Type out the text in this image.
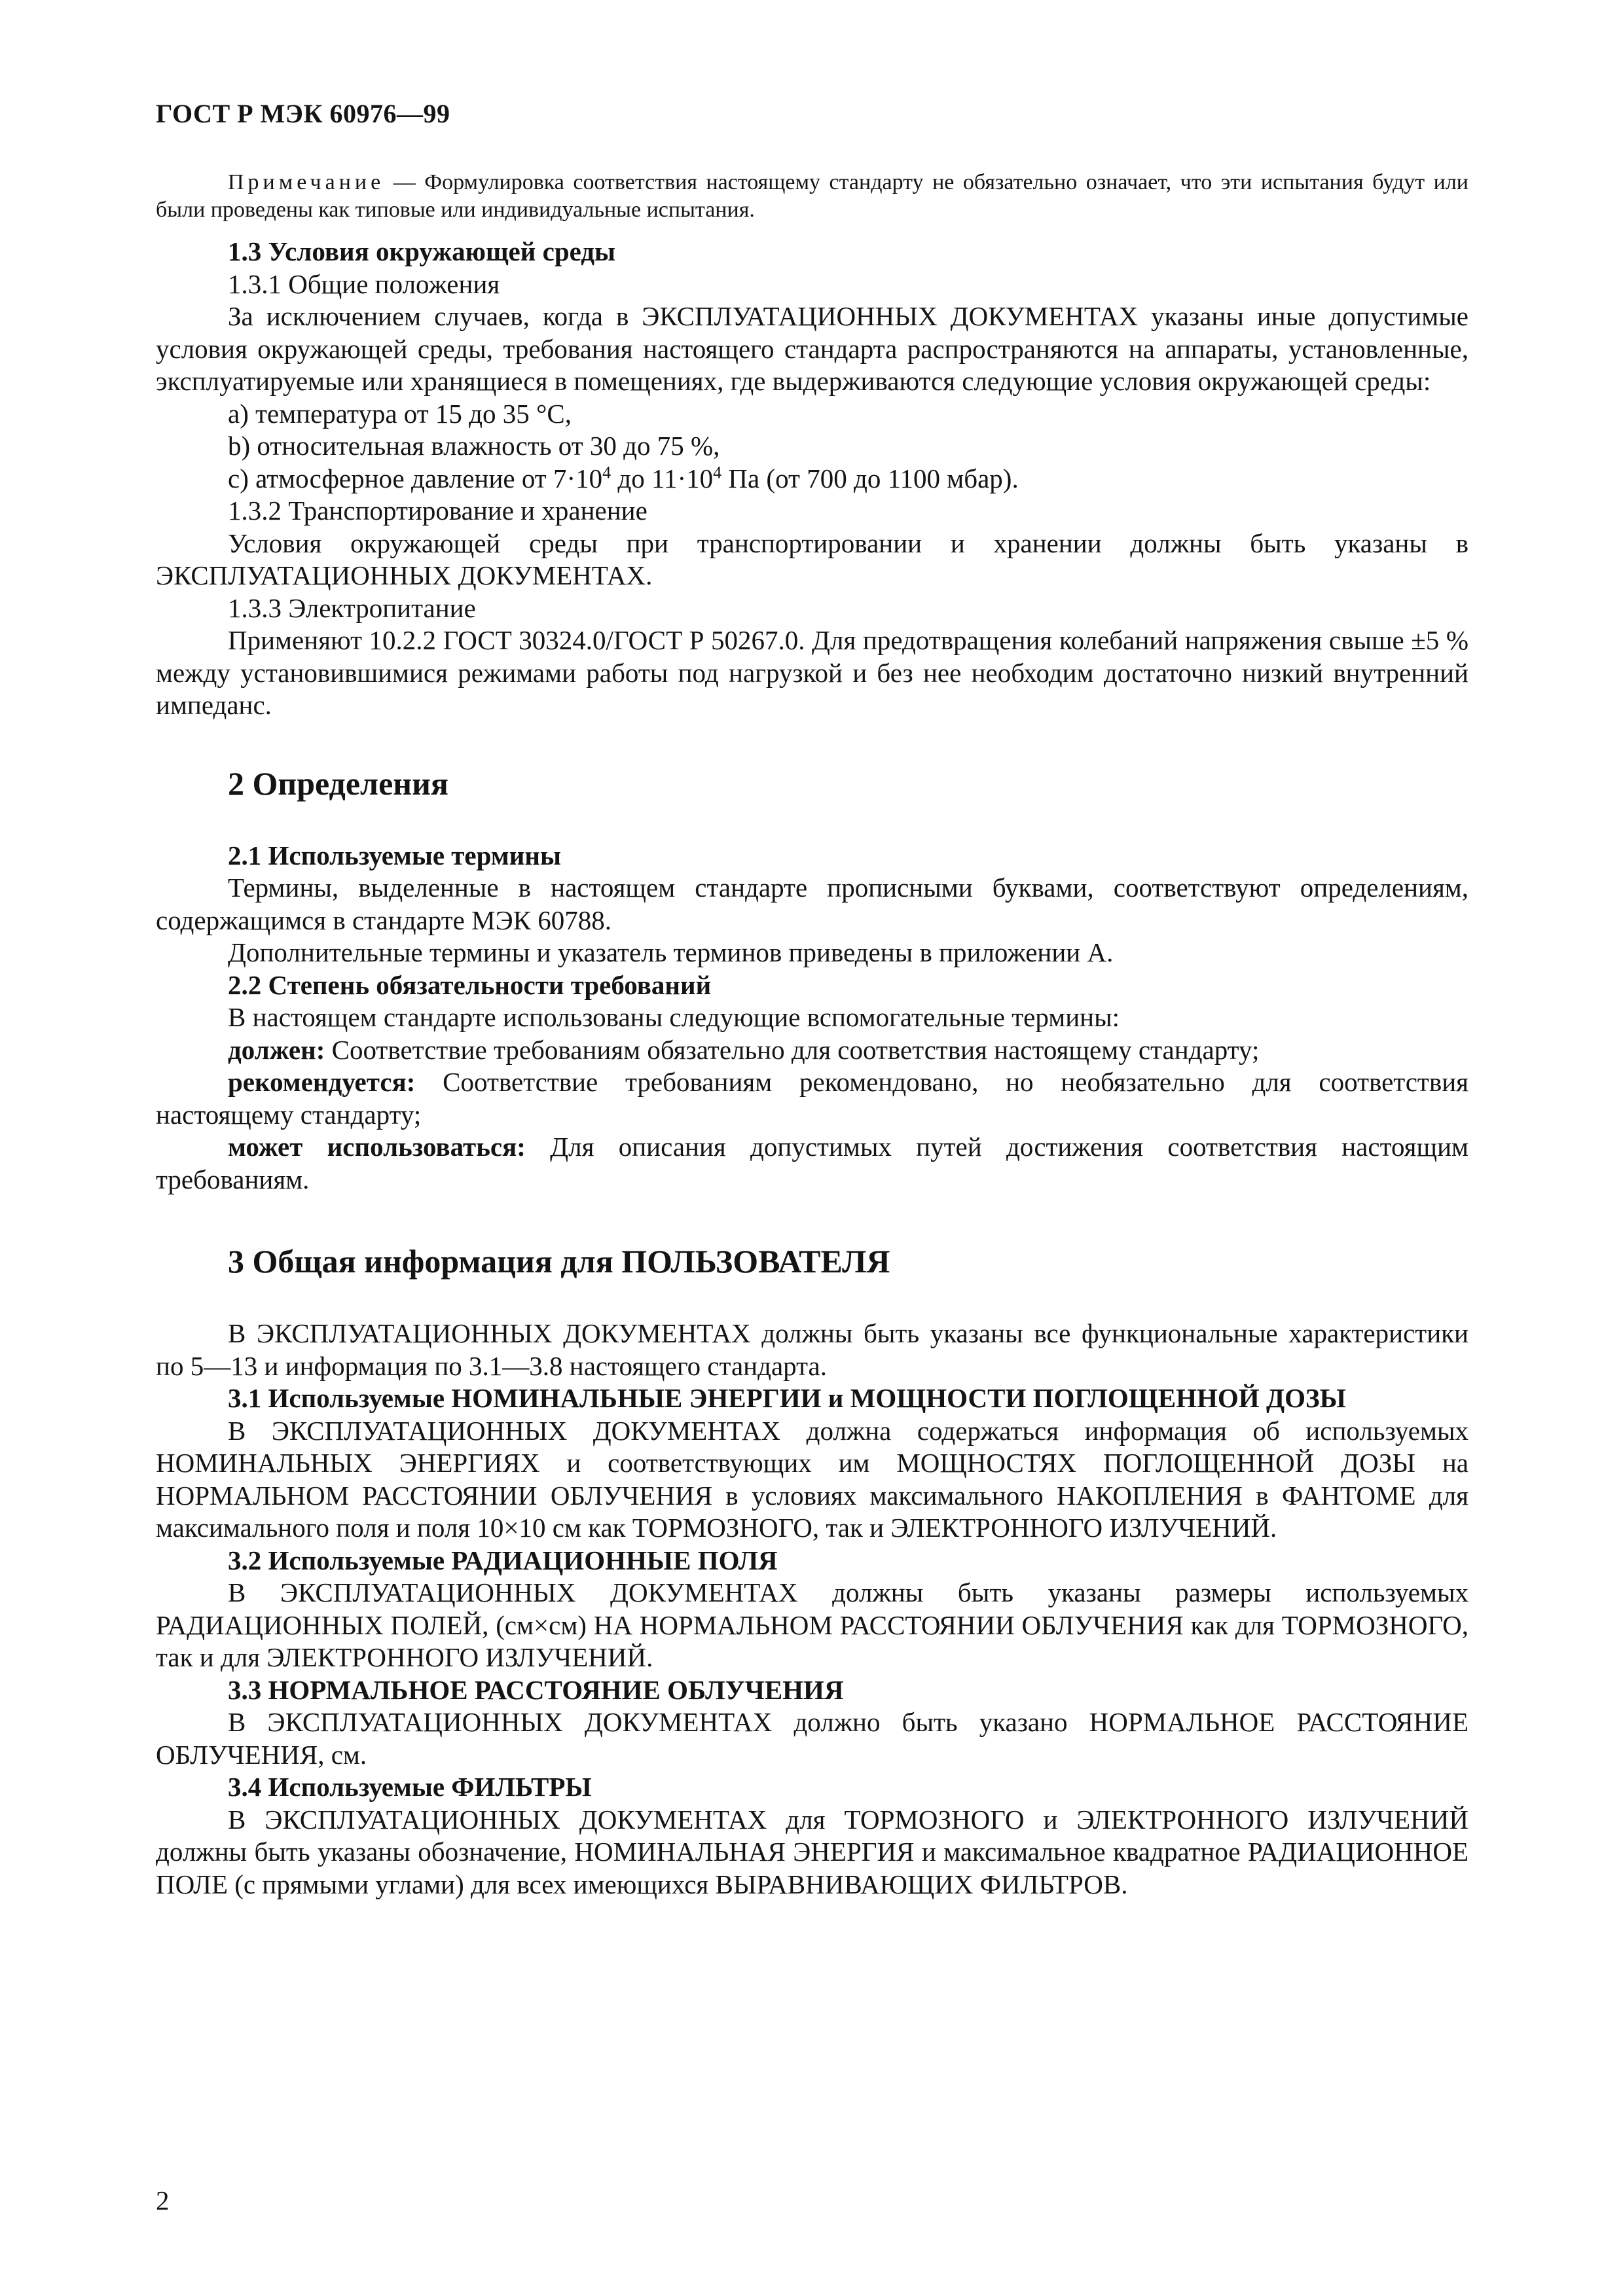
ГОСТ Р МЭК 60976—99

Примечание — Формулировка соответствия настоящему стандарту не обязательно означает, что эти испытания будут или были проведены как типовые или индивидуальные испытания.

1.3 Условия окружающей среды

1.3.1 Общие положения

За исключением случаев, когда в ЭКСПЛУАТАЦИОННЫХ ДОКУМЕНТАХ указаны иные допустимые условия окружающей среды, требования настоящего стандарта распространяются на аппараты, установленные, эксплуатируемые или хранящиеся в помещениях, где выдерживаются следующие условия окружающей среды:

a) температура от 15 до 35 °С,

b) относительная влажность от 30 до 75 %,

c) атмосферное давление от $7\cdot 10^4$ до $11\cdot 10^4$ Па (от 700 до 1100 мбар).

1.3.2 Транспортирование и хранение

Условия окружающей среды при транспортировании и хранении должны быть указаны в ЭКСПЛУАТАЦИОННЫХ ДОКУМЕНТАХ.

1.3.3 Электропитание

Применяют 10.2.2 ГОСТ 30324.0/ГОСТ Р 50267.0. Для предотвращения колебаний напряжения свыше ±5 % между установившимися режимами работы под нагрузкой и без нее необходим достаточно низкий внутренний импеданс.

2 Определения

2.1 Используемые термины

Термины, выделенные в настоящем стандарте прописными буквами, соответствуют определениям, содержащимся в стандарте МЭК 60788.

Дополнительные термины и указатель терминов приведены в приложении А.

2.2 Степень обязательности требований

В настоящем стандарте использованы следующие вспомогательные термины:

должен: Соответствие требованиям обязательно для соответствия настоящему стандарту;

рекомендуется: Соответствие требованиям рекомендовано, но необязательно для соответствия настоящему стандарту;

может использоваться: Для описания допустимых путей достижения соответствия настоящим требованиям.

3 Общая информация для ПОЛЬЗОВАТЕЛЯ

В ЭКСПЛУАТАЦИОННЫХ ДОКУМЕНТАХ должны быть указаны все функциональные характеристики по 5—13 и информация по 3.1—3.8 настоящего стандарта.

3.1 Используемые НОМИНАЛЬНЫЕ ЭНЕРГИИ и МОЩНОСТИ ПОГЛОЩЕННОЙ ДОЗЫ

В ЭКСПЛУАТАЦИОННЫХ ДОКУМЕНТАХ должна содержаться информация об используемых НОМИНАЛЬНЫХ ЭНЕРГИЯХ и соответствующих им МОЩНОСТЯХ ПОГЛОЩЕННОЙ ДОЗЫ на НОРМАЛЬНОМ РАССТОЯНИИ ОБЛУЧЕНИЯ в условиях максимального НАКОПЛЕНИЯ в ФАНТОМЕ для максимального поля и поля 10×10 см как ТОРМОЗНОГО, так и ЭЛЕКТРОННОГО ИЗЛУЧЕНИЙ.

3.2 Используемые РАДИАЦИОННЫЕ ПОЛЯ

В ЭКСПЛУАТАЦИОННЫХ ДОКУМЕНТАХ должны быть указаны размеры используемых РАДИАЦИОННЫХ ПОЛЕЙ, (см×см) НА НОРМАЛЬНОМ РАССТОЯНИИ ОБЛУЧЕНИЯ как для ТОРМОЗНОГО, так и для ЭЛЕКТРОННОГО ИЗЛУЧЕНИЙ.

3.3 НОРМАЛЬНОЕ РАССТОЯНИЕ ОБЛУЧЕНИЯ

В ЭКСПЛУАТАЦИОННЫХ ДОКУМЕНТАХ должно быть указано НОРМАЛЬНОЕ РАССТОЯНИЕ ОБЛУЧЕНИЯ, см.

3.4 Используемые ФИЛЬТРЫ

В ЭКСПЛУАТАЦИОННЫХ ДОКУМЕНТАХ для ТОРМОЗНОГО и ЭЛЕКТРОННОГО ИЗЛУЧЕНИЙ должны быть указаны обозначение, НОМИНАЛЬНАЯ ЭНЕРГИЯ и максимальное квадратное РАДИАЦИОННОЕ ПОЛЕ (с прямыми углами) для всех имеющихся ВЫРАВНИВАЮЩИХ ФИЛЬТРОВ.

2
